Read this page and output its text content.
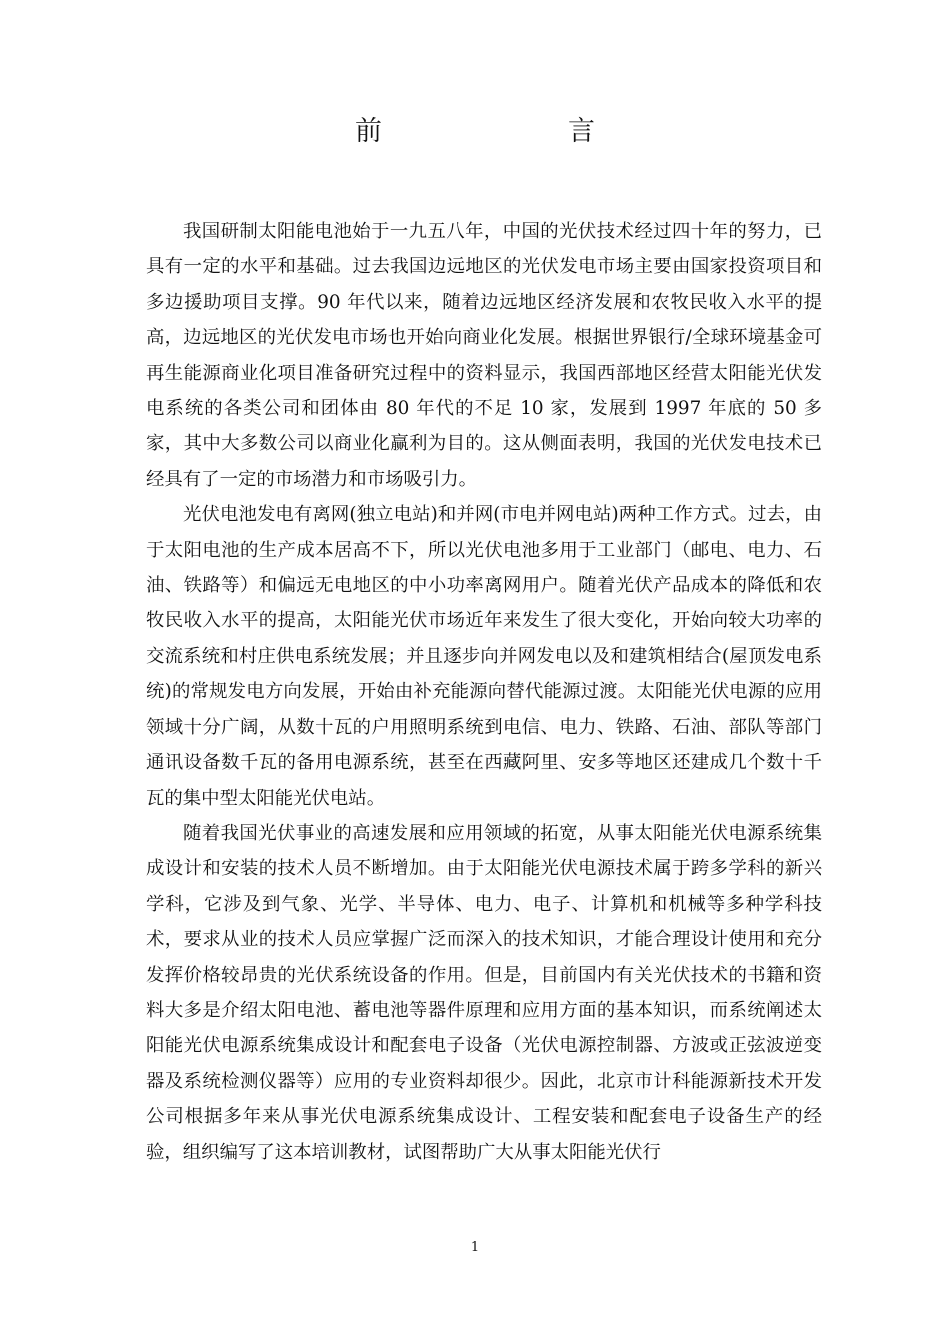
前　　言

我国研制太阳能电池始于一九五八年，中国的光伏技术经过四十年的努力，已具有一定的水平和基础。过去我国边远地区的光伏发电市场主要由国家投资项目和多边援助项目支撑。90 年代以来，随着边远地区经济发展和农牧民收入水平的提高，边远地区的光伏发电市场也开始向商业化发展。根据世界银行/全球环境基金可再生能源商业化项目准备研究过程中的资料显示，我国西部地区经营太阳能光伏发电系统的各类公司和团体由 80 年代的不足 10 家，发展到 1997 年底的 50 多家，其中大多数公司以商业化赢利为目的。这从侧面表明，我国的光伏发电技术已经具有了一定的市场潜力和市场吸引力。

光伏电池发电有离网(独立电站)和并网(市电并网电站)两种工作方式。过去，由于太阳电池的生产成本居高不下，所以光伏电池多用于工业部门（邮电、电力、石油、铁路等）和偏远无电地区的中小功率离网用户。随着光伏产品成本的降低和农牧民收入水平的提高，太阳能光伏市场近年来发生了很大变化，开始向较大功率的交流系统和村庄供电系统发展；并且逐步向并网发电以及和建筑相结合(屋顶发电系统)的常规发电方向发展，开始由补充能源向替代能源过渡。太阳能光伏电源的应用领域十分广阔，从数十瓦的户用照明系统到电信、电力、铁路、石油、部队等部门通讯设备数千瓦的备用电源系统，甚至在西藏阿里、安多等地区还建成几个数十千瓦的集中型太阳能光伏电站。

随着我国光伏事业的高速发展和应用领域的拓宽，从事太阳能光伏电源系统集成设计和安装的技术人员不断增加。由于太阳能光伏电源技术属于跨多学科的新兴学科，它涉及到气象、光学、半导体、电力、电子、计算机和机械等多种学科技术，要求从业的技术人员应掌握广泛而深入的技术知识，才能合理设计使用和充分发挥价格较昂贵的光伏系统设备的作用。但是，目前国内有关光伏技术的书籍和资料大多是介绍太阳电池、蓄电池等器件原理和应用方面的基本知识，而系统阐述太阳能光伏电源系统集成设计和配套电子设备（光伏电源控制器、方波或正弦波逆变器及系统检测仪器等）应用的专业资料却很少。因此，北京市计科能源新技术开发公司根据多年来从事光伏电源系统集成设计、工程安装和配套电子设备生产的经验，组织编写了这本培训教材，试图帮助广大从事太阳能光伏行

1
